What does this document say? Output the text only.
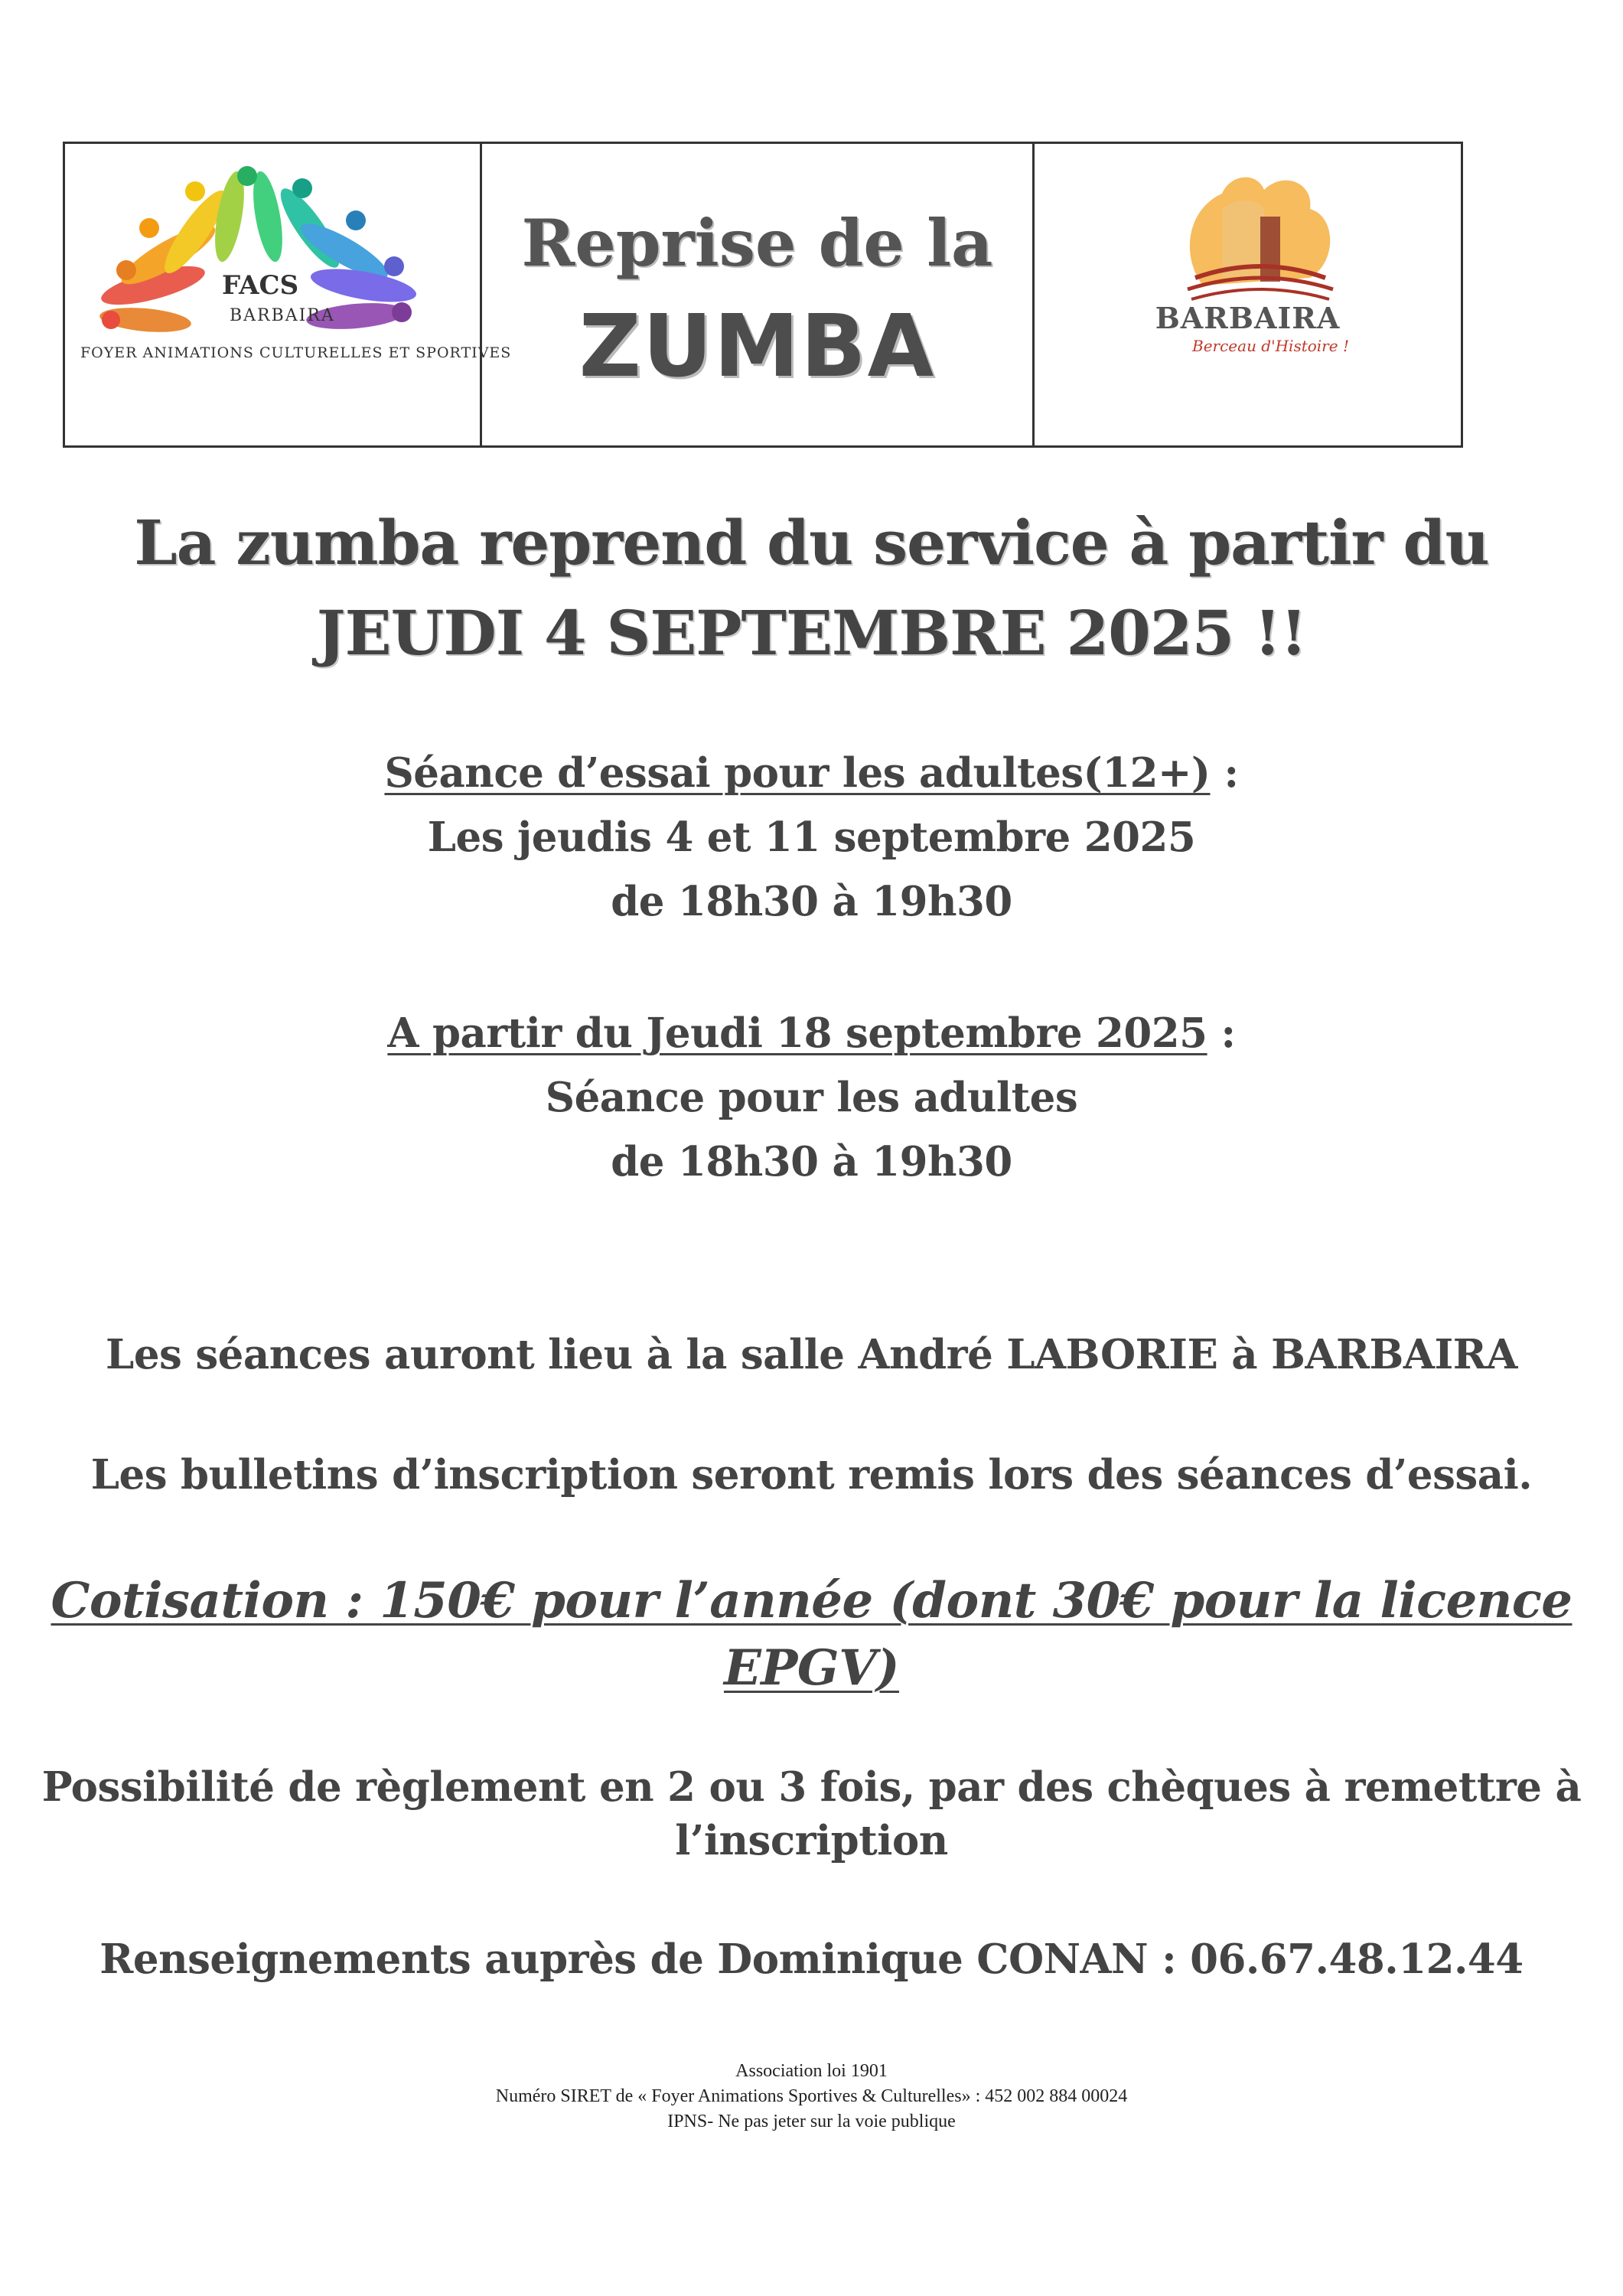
FACS
BARBAIRA
FOYER ANIMATIONS CULTURELLES ET SPORTIVES
Reprise de la
ZUMBA	BARBAIRA
Berceau d'Histoire !
La zumba reprend du service à partir du
JEUDI 4 SEPTEMBRE 2025 !!
Séance d’essai pour les adultes(12+) :
Les jeudis 4 et 11 septembre 2025
de 18h30 à 19h30
A partir du Jeudi 18 septembre 2025 :
Séance pour les adultes
de 18h30 à 19h30
Les séances auront lieu à la salle André LABORIE à BARBAIRA
Les bulletins d’inscription seront remis lors des séances d’essai.
Cotisation : 150€ pour l’année (dont 30€ pour la licence
EPGV)
Possibilité de règlement en 2 ou 3 fois, par des chèques à remettre à
l’inscription
Renseignements auprès de Dominique CONAN : 06.67.48.12.44
Association loi 1901
Numéro SIRET de « Foyer Animations Sportives & Culturelles» : 452 002 884 00024
IPNS- Ne pas jeter sur la voie publique
